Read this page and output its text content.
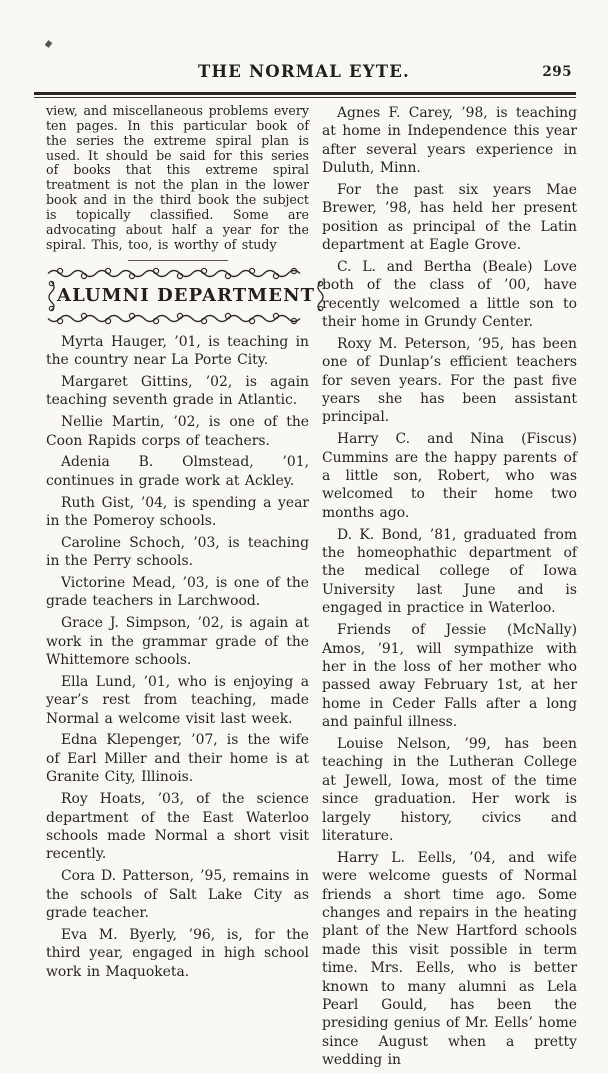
THE NORMAL EYTE.	295

view, and miscellaneous problems every ten pages. In this particular book of the series the extreme spiral plan is used. It should be said for this series of books that this extreme spiral treatment is not the plan in the lower book and in the third book the subject is topically classified. Some are advocating about half a year for the spiral. This, too, is worthy of study

ALUMNI DEPARTMENT

Myrta Hauger, ’01, is teaching in the country near La Porte City.

Margaret Gittins, ’02, is again teaching seventh grade in Atlantic.

Nellie Martin, ’02, is one of the Coon Rapids corps of teachers.

Adenia B. Olmstead, ’01, continues in grade work at Ackley.

Ruth Gist, ’04, is spending a year in the Pomeroy schools.

Caroline Schoch, ’03, is teaching in the Perry schools.

Victorine Mead, ’03, is one of the grade teachers in Larchwood.

Grace J. Simpson, ’02, is again at work in the grammar grade of the Whittemore schools.

Ella Lund, ’01, who is enjoying a year’s rest from teaching, made Normal a welcome visit last week.

Edna Klepenger, ’07, is the wife of Earl Miller and their home is at Granite City, Illinois.

Roy Hoats, ’03, of the science department of the East Waterloo schools made Normal a short visit recently.

Cora D. Patterson, ’95, remains in the schools of Salt Lake City as grade teacher.

Eva M. Byerly, ’96, is, for the third year, engaged in high school work in Maquoketa.

Agnes F. Carey, ’98, is teaching at home in Independence this year after several years experience in Duluth, Minn.

For the past six years Mae Brewer, ’98, has held her present position as principal of the Latin department at Eagle Grove.

C. L. and Bertha (Beale) Love both of the class of ’00, have recently welcomed a little son to their home in Grundy Center.

Roxy M. Peterson, ’95, has been one of Dunlap’s efficient teachers for seven years. For the past five years she has been assistant principal.

Harry C. and Nina (Fiscus) Cummins are the happy parents of a little son, Robert, who was welcomed to their home two months ago.

D. K. Bond, ’81, graduated from the homeophathic department of the medical college of Iowa University last June and is engaged in practice in Waterloo.

Friends of Jessie (McNally) Amos, ’91, will sympathize with her in the loss of her mother who passed away February 1st, at her home in Ceder Falls after a long and painful illness.

Louise Nelson, ’99, has been teaching in the Lutheran College at Jewell, Iowa, most of the time since graduation. Her work is largely history, civics and literature.

Harry L. Eells, ’04, and wife were welcome guests of Normal friends a short time ago. Some changes and repairs in the heating plant of the New Hartford schools made this visit possible in term time. Mrs. Eells, who is better known to many alumni as Lela Pearl Gould, has been the presiding genius of Mr. Eells’ home since August when a pretty wedding in
